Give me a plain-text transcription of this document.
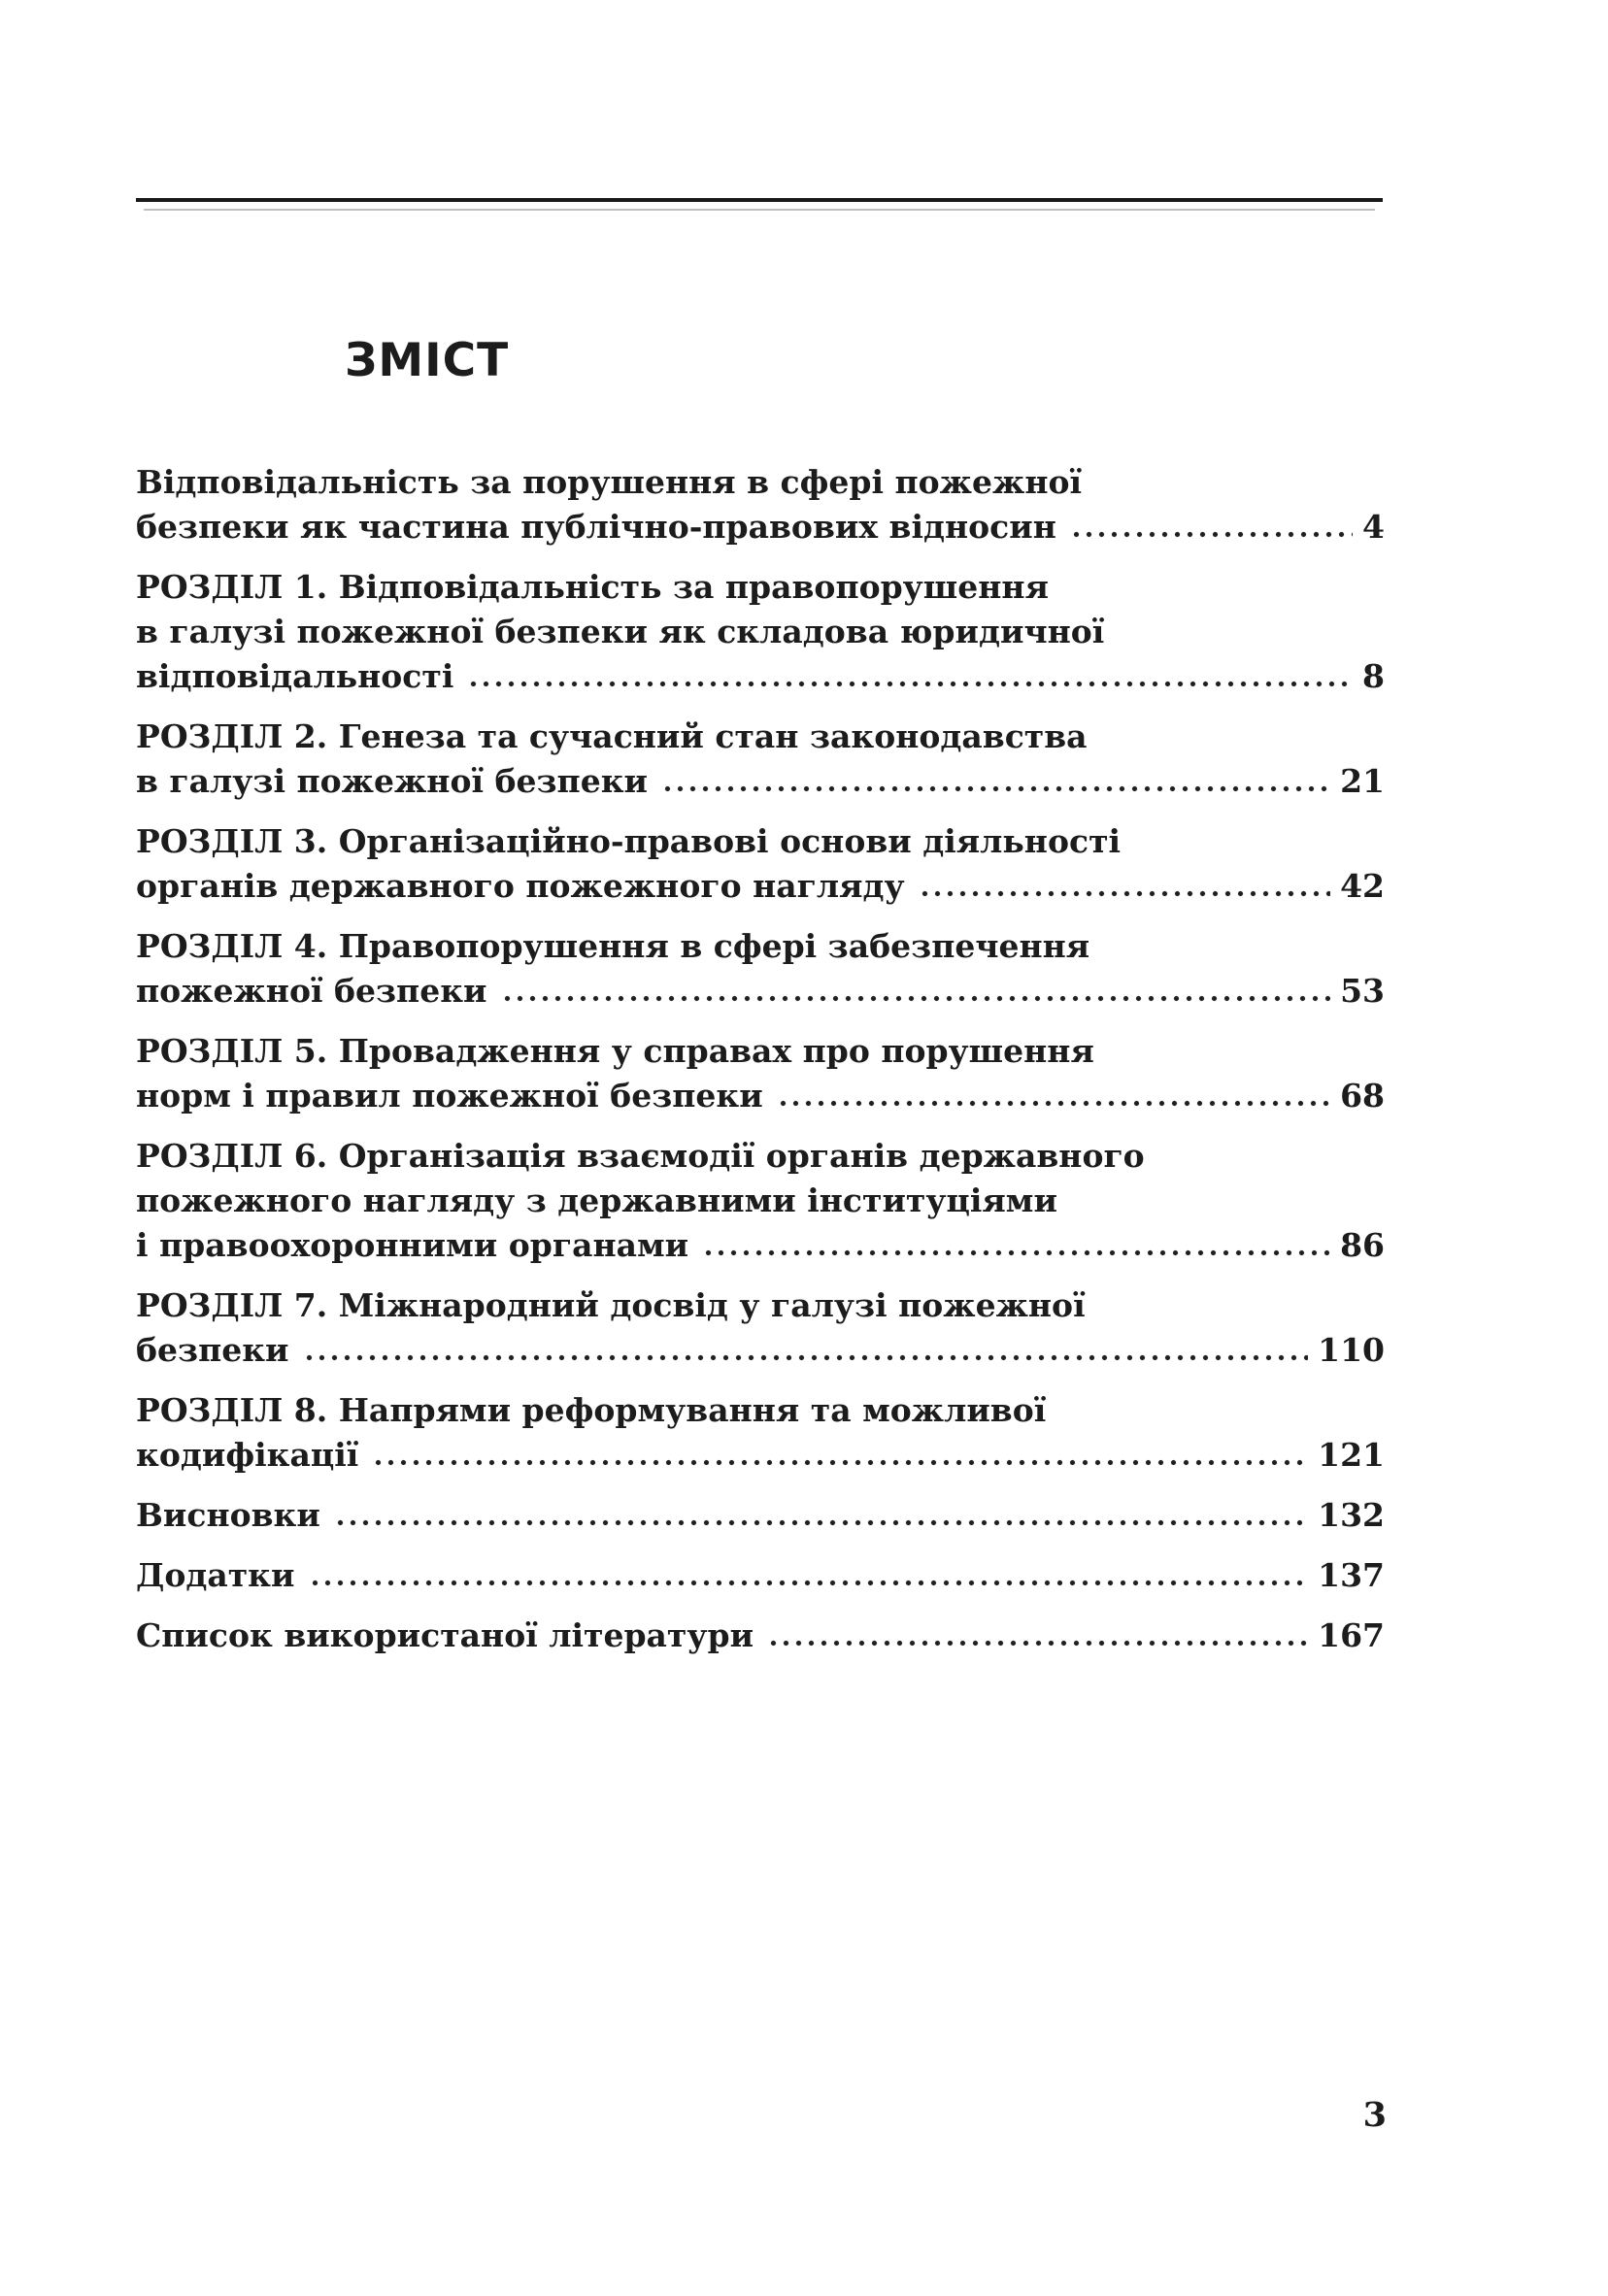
ЗМІСТ
Відповідальність за порушення в сфері пожежної
безпеки як частина публічно-правових відносин	4
РОЗДІЛ 1. Відповідальність за правопорушення
в галузі пожежної безпеки як складова юридичної
відповідальності	8
РОЗДІЛ 2. Генеза та сучасний стан законодавства
в галузі пожежної безпеки	21
РОЗДІЛ 3. Організаційно-правові основи діяльності
органів державного пожежного нагляду	42
РОЗДІЛ 4. Правопорушення в сфері забезпечення
пожежної безпеки	53
РОЗДІЛ 5. Провадження у справах про порушення
норм і правил пожежної безпеки	68
РОЗДІЛ 6. Організація взаємодії органів державного
пожежного нагляду з державними інституціями
і правоохоронними органами	86
РОЗДІЛ 7. Міжнародний досвід у галузі пожежної
безпеки	110
РОЗДІЛ 8. Напрями реформування та можливої
кодифікації	121
Висновки	132
Додатки	137
Список використаної літератури	167
3
